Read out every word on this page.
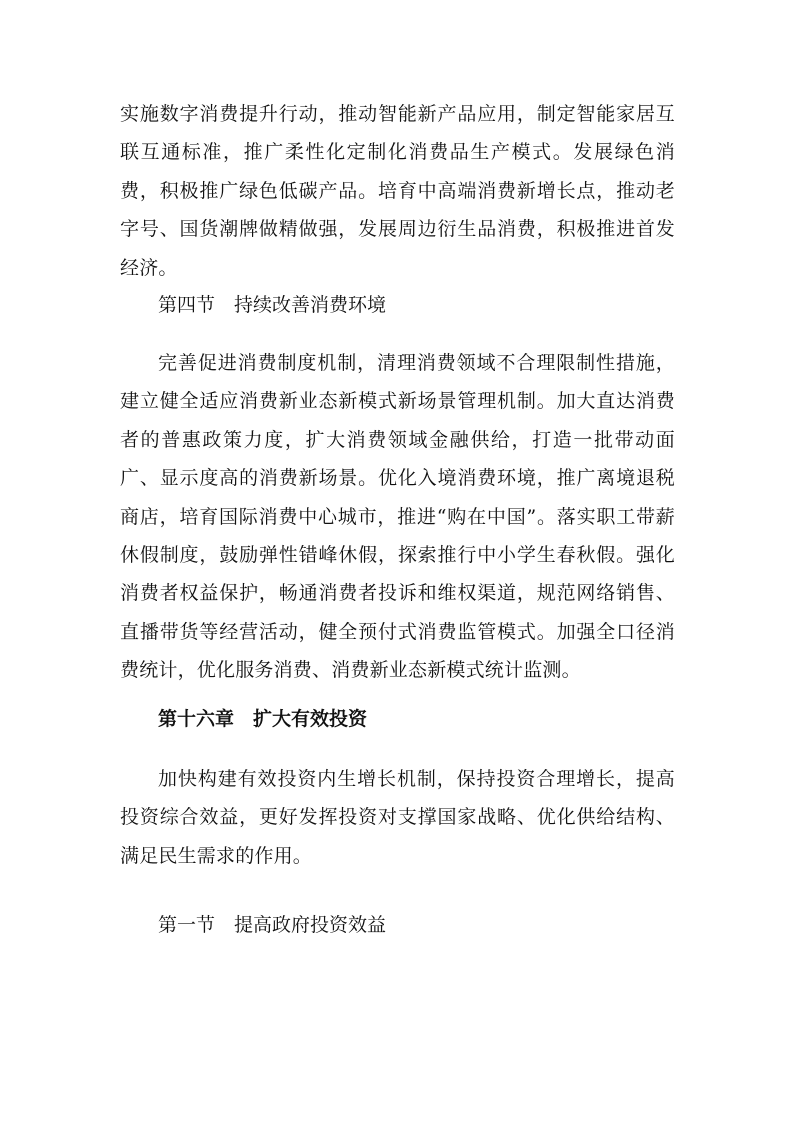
实施数字消费提升行动，推动智能新产品应用，制定智能家居互联互通标准，推广柔性化定制化消费品生产模式。发展绿色消费，积极推广绿色低碳产品。培育中高端消费新增长点，推动老字号、国货潮牌做精做强，发展周边衍生品消费，积极推进首发经济。

第四节　持续改善消费环境

完善促进消费制度机制，清理消费领域不合理限制性措施，建立健全适应消费新业态新模式新场景管理机制。加大直达消费者的普惠政策力度，扩大消费领域金融供给，打造一批带动面广、显示度高的消费新场景。优化入境消费环境，推广离境退税商店，培育国际消费中心城市，推进“购在中国”。落实职工带薪休假制度，鼓励弹性错峰休假，探索推行中小学生春秋假。强化消费者权益保护，畅通消费者投诉和维权渠道，规范网络销售、直播带货等经营活动，健全预付式消费监管模式。加强全口径消费统计，优化服务消费、消费新业态新模式统计监测。

第十六章　扩大有效投资

加快构建有效投资内生增长机制，保持投资合理增长，提高投资综合效益，更好发挥投资对支撑国家战略、优化供给结构、满足民生需求的作用。

第一节　提高政府投资效益
